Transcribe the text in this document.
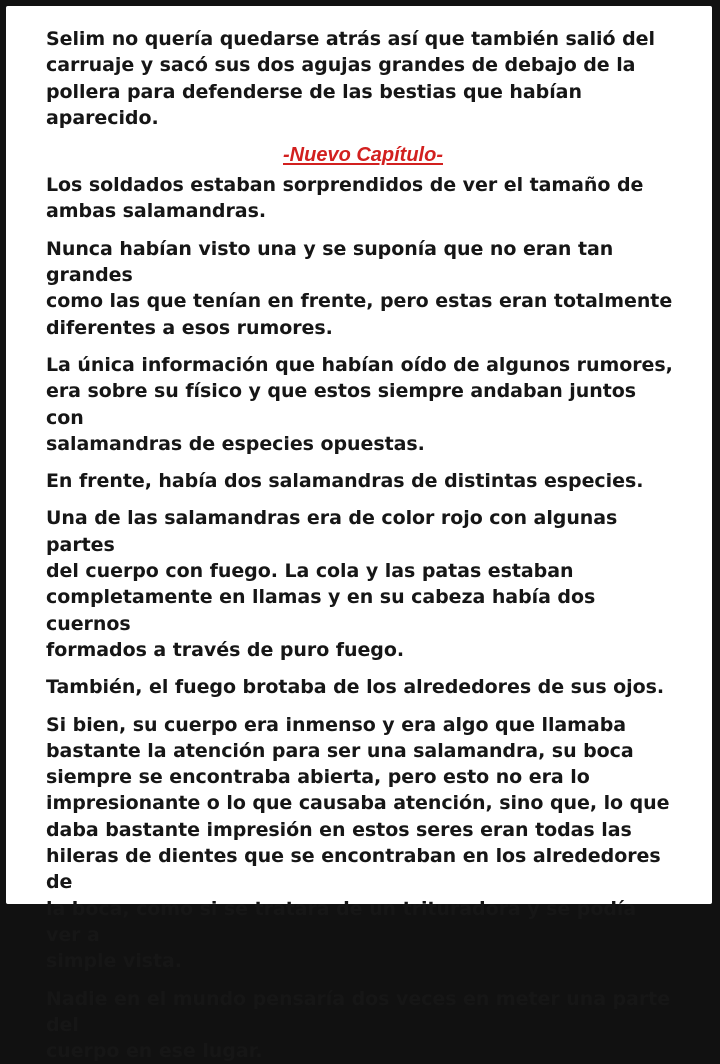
Selim no quería quedarse atrás así que también salió del
carruaje y sacó sus dos agujas grandes de debajo de la
pollera para defenderse de las bestias que habían aparecido.

-Nuevo Capítulo-

Los soldados estaban sorprendidos de ver el tamaño de
ambas salamandras.

Nunca habían visto una y se suponía que no eran tan grandes
como las que tenían en frente, pero estas eran totalmente
diferentes a esos rumores.

La única información que habían oído de algunos rumores,
era sobre su físico y que estos siempre andaban juntos con
salamandras de especies opuestas.

En frente, había dos salamandras de distintas especies.

Una de las salamandras era de color rojo con algunas partes
del cuerpo con fuego. La cola y las patas estaban
completamente en llamas y en su cabeza había dos cuernos
formados a través de puro fuego.

También, el fuego brotaba de los alrededores de sus ojos.

Si bien, su cuerpo era inmenso y era algo que llamaba
bastante la atención para ser una salamandra, su boca
siempre se encontraba abierta, pero esto no era lo
impresionante o lo que causaba atención, sino que, lo que
daba bastante impresión en estos seres eran todas las
hileras de dientes que se encontraban en los alrededores de
la boca, como si se tratara de un trituradora y se podía ver a
simple vista.

Nadie en el mundo pensaría dos veces en meter una parte del
cuerpo en ese lugar.
